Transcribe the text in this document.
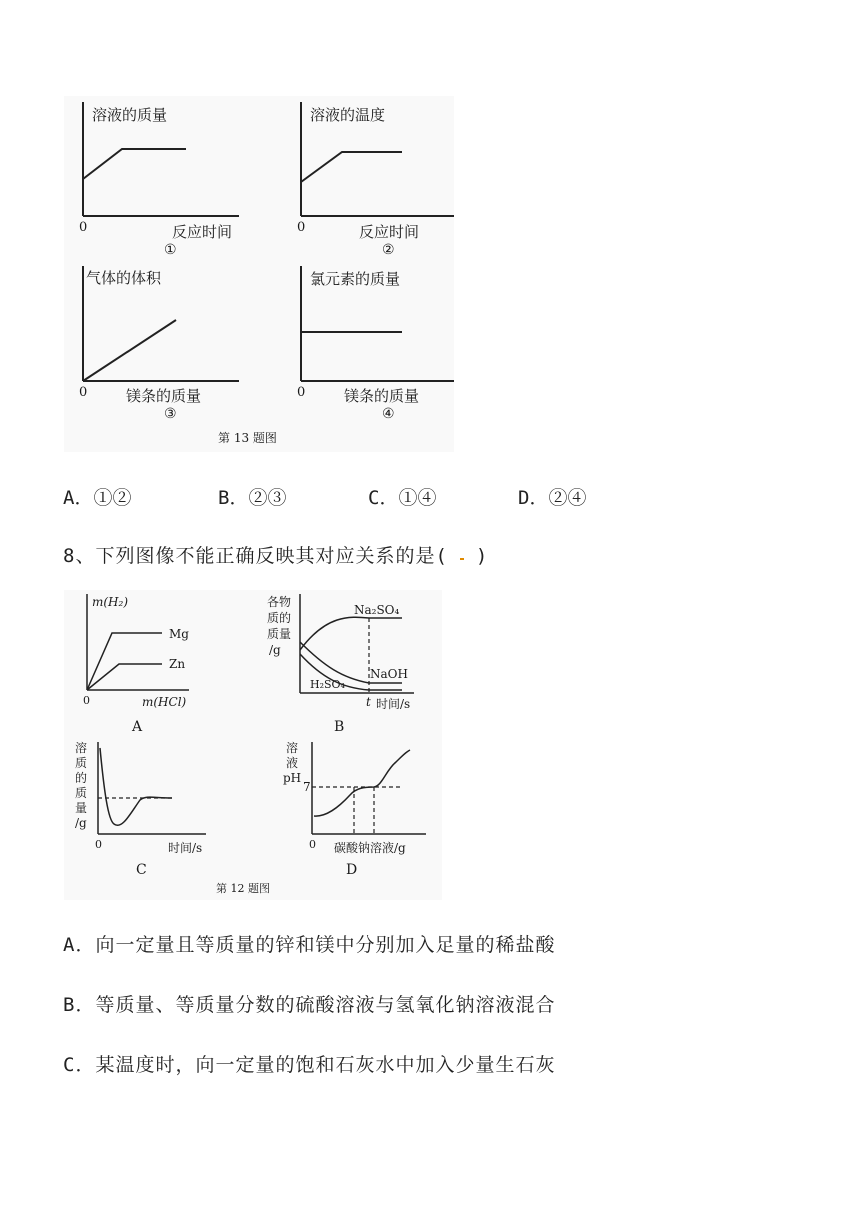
溶液的质量
0	反应时间
①
溶液的温度
0	反应时间
②
气体的体积
0	镁条的质量
③
氯元素的质量
0	镁条的质量
④
第 13 题图
A．①②	B．②③	C．①④	D．②④
8、下列图像不能正确反映其对应关系的是( )
m(H₂)
Mg
Zn
0	m(HCl)
A
各物
质的
质量
/g
Na₂SO₄
NaOH
H₂SO₄
t 时间/s
B
溶
质
的
质
量
/g
0	时间/s
C
溶
液
pH
7
0 碳酸钠溶液/g
D
第 12 题图
A．向一定量且等质量的锌和镁中分别加入足量的稀盐酸
B．等质量、等质量分数的硫酸溶液与氢氧化钠溶液混合
C．某温度时，向一定量的饱和石灰水中加入少量生石灰
